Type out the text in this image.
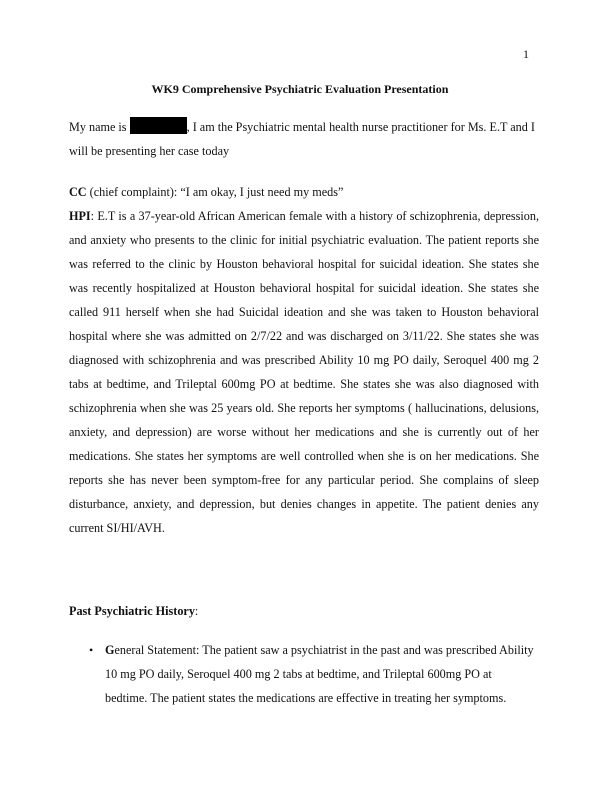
1
WK9 Comprehensive Psychiatric Evaluation Presentation

My name is	, I am the Psychiatric mental health nurse practitioner for Ms. E.T and I will be presenting her case today

CC (chief complaint): “I am okay, I just need my meds”

HPI: E.T is a 37-year-old African American female with a history of schizophrenia, depression, and anxiety who presents to the clinic for initial psychiatric evaluation. The patient reports she was referred to the clinic by Houston behavioral hospital for suicidal ideation. She states she was recently hospitalized at Houston behavioral hospital for suicidal ideation. She states she called 911 herself when she had Suicidal ideation and she was taken to Houston behavioral hospital where she was admitted on 2/7/22 and was discharged on 3/11/22. She states she was diagnosed with schizophrenia and was prescribed Ability 10 mg PO daily, Seroquel 400 mg 2 tabs at bedtime, and Trileptal 600mg PO at bedtime. She states she was also diagnosed with schizophrenia when she was 25 years old. She reports her symptoms ( hallucinations, delusions, anxiety, and depression) are worse without her medications and she is currently out of her medications. She states her symptoms are well controlled when she is on her medications. She reports she has never been symptom-free for any particular period. She complains of sleep disturbance, anxiety, and depression, but denies changes in appetite. The patient denies any current SI/HI/AVH.

Past Psychiatric History:

• General Statement: The patient saw a psychiatrist in the past and was prescribed Ability 10 mg PO daily, Seroquel 400 mg 2 tabs at bedtime, and Trileptal 600mg PO at bedtime. The patient states the medications are effective in treating her symptoms.
